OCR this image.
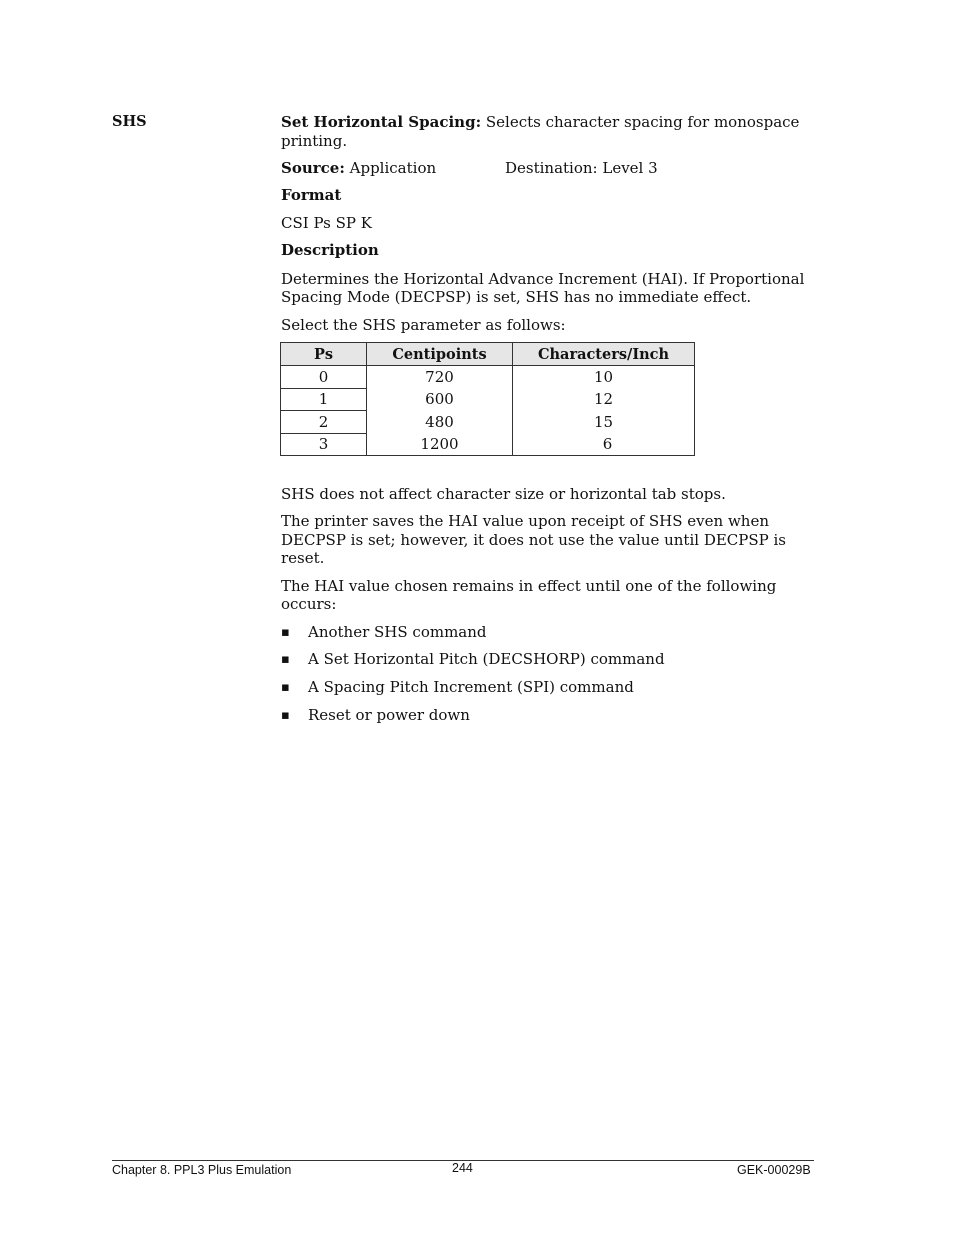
SHS	Set Horizontal Spacing: Selects character spacing for monospace
printing.
Source: Application	Destination: Level 3
Format
CSI Ps SP K
Description
Determines the Horizontal Advance Increment (HAI). If Proportional
Spacing Mode (DECPSP) is set, SHS has no immediate effect.
Select the SHS parameter as follows:
Ps	Centipoints	Characters/Inch
0	720	10
1	600	12
2	480	15
3	1200	6
SHS does not affect character size or horizontal tab stops.
The printer saves the HAI value upon receipt of SHS even when
DECPSP is set; however, it does not use the value until DECPSP is
reset.
The HAI value chosen remains in effect until one of the following
occurs:
▪ Another SHS command
▪ A Set Horizontal Pitch (DECSHORP) command
▪ A Spacing Pitch Increment (SPI) command
▪ Reset or power down
Chapter 8. PPL3 Plus Emulation	244	GEK-00029B
